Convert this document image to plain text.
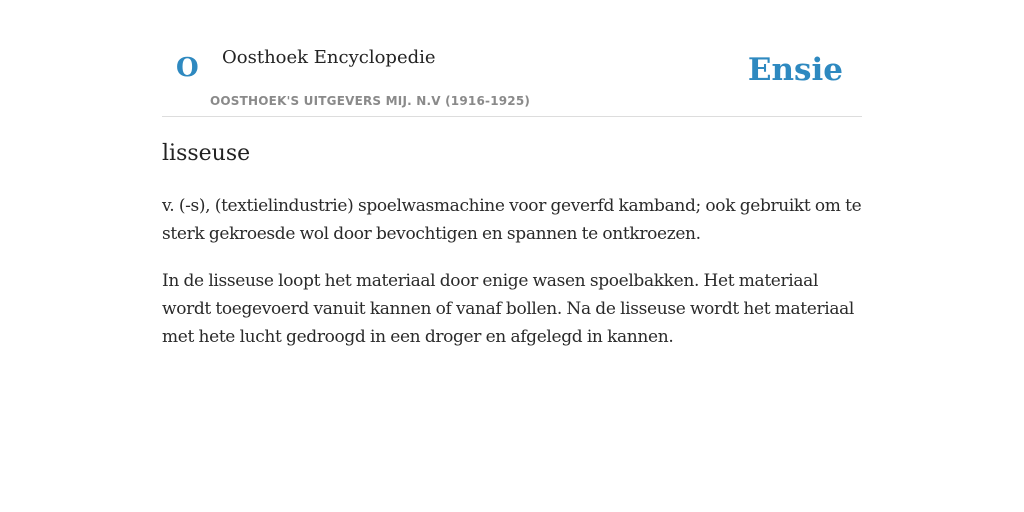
O Oosthoek Encyclopedie
OOSTHOEK'S UITGEVERS MIJ. N.V (1916-1925)
Ensie
lisseuse

v. (-s), (textielindustrie) spoelwasmachine voor geverfd kamband; ook gebruikt om te sterk gekroesde wol door bevochtigen en spannen te ontkroezen.

In de lisseuse loopt het materiaal door enige wasen spoelbakken. Het materiaal wordt toegevoerd vanuit kannen of vanaf bollen. Na de lisseuse wordt het materiaal met hete lucht gedroogd in een droger en afgelegd in kannen.
